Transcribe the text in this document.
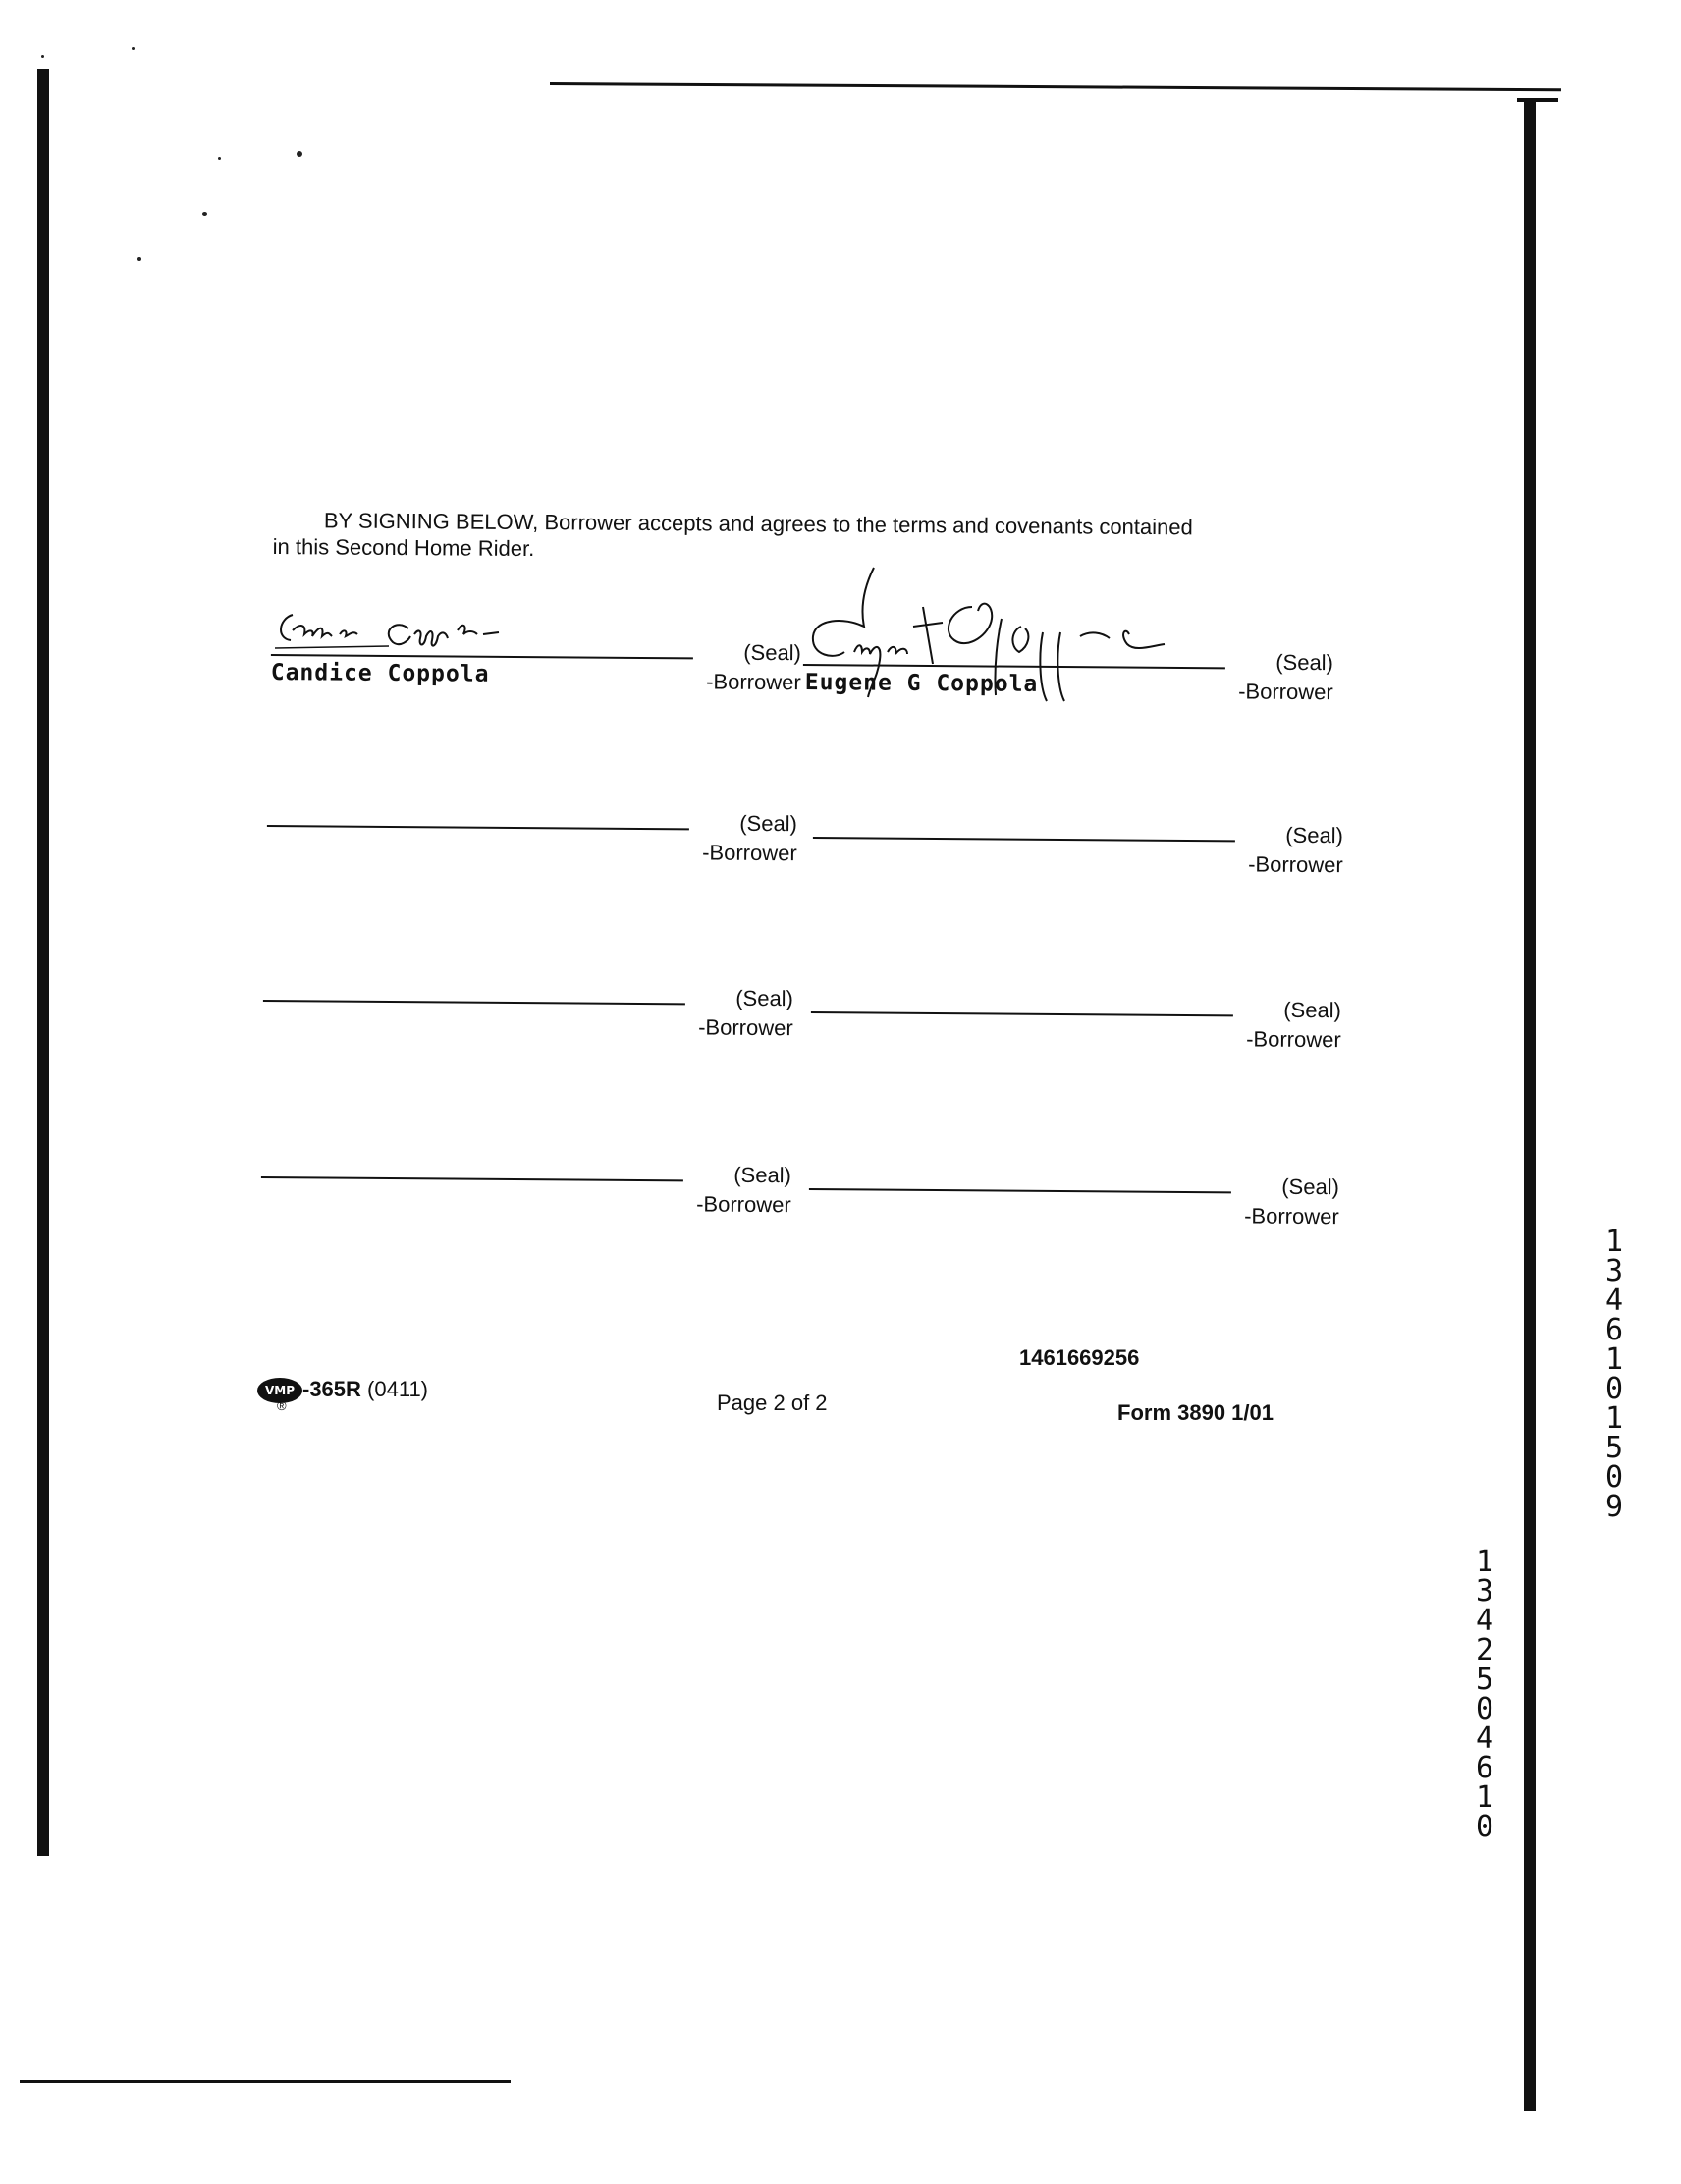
BY SIGNING BELOW, Borrower accepts and agrees to the terms and covenants contained
in this Second Home Rider.
(Seal)
-Borrower
Candice Coppola	(Seal)
-Borrower
Eugene G Coppola
(Seal)
-Borrower
(Seal)
-Borrower
(Seal)
-Borrower
(Seal)
-Borrower
(Seal)
-Borrower
(Seal)
-Borrower
1461669256
VMP -365R (0411)
®	Page 2 of 2	Form 3890 1/01
13461 01509
13425 04610
